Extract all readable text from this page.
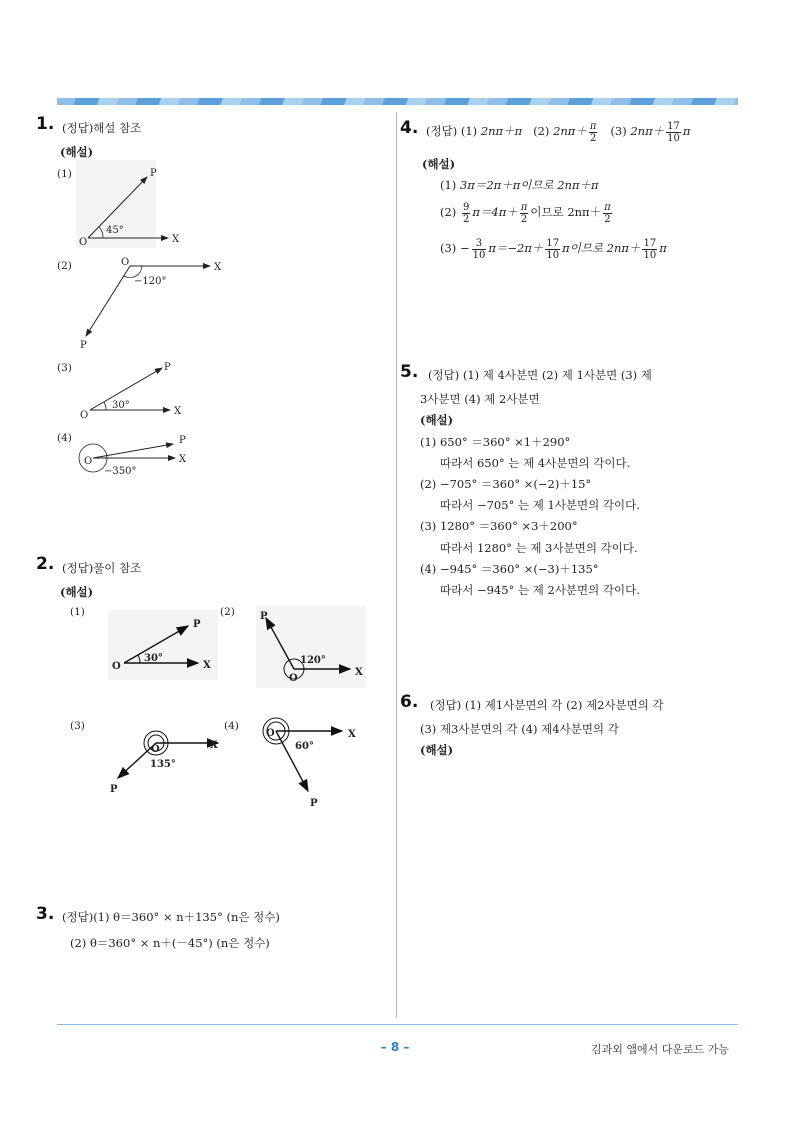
1. (정답)해설 참조
(해설)
(1)
O	X
P
45°
O	X
P
−120°
O	X
P
30°
O	X
P
−350°
(2)
(3)
(4)
2. (정답)풀이 참조
(해설)
(1)	(2)
(3)	(4)
O	X
P
30°
O
X
P
120°
O	X
P
135°
O	X
P
60°
3. (정답)(1) θ＝360° × n＋135° (n은 정수)
(2) θ＝360° × n＋(－45°) (n은 정수)
4. (정답) (1) 2nπ＋π (2) $2n\pi+ \frac{\pi}{2} (3)$ $2n\pi+ \frac{17}{10}$ π
(해설)
(1) 3π＝2π＋π이므로 2nπ＋π
$(2) \frac{9}{2} \pi=4\pi+ \frac{\pi}{2}$ 이므로 $2n\pi+ \frac{\pi}{2}$
$(3) - \frac{3}{10} \pi=-2\pi+ \frac{17}{10}$ π이므로 $2n\pi+ \frac{17}{10}$ π
5. (정답) (1) 제 4사분면 (2) 제 1사분면 (3) 제
3사분면 (4) 제 2사분면
(해설)
(1) 650° ＝360° ×1＋290°
따라서 650° 는 제 4사분면의 각이다.
(2) −705° ＝360° ×(−2)＋15°
따라서 −705° 는 제 1사분면의 각이다.
(3) 1280° ＝360° ×3＋200°
따라서 1280° 는 제 3사분면의 각이다.
(4) −945° ＝360° ×(−3)＋135°
따라서 −945° 는 제 2사분면의 각이다.
6. (정답) (1) 제1사분면의 각 (2) 제2사분면의 각
(3) 제3사분면의 각 (4) 제4사분면의 각
(해설)
– 8 –	김과외 앱에서 다운로드 가능
